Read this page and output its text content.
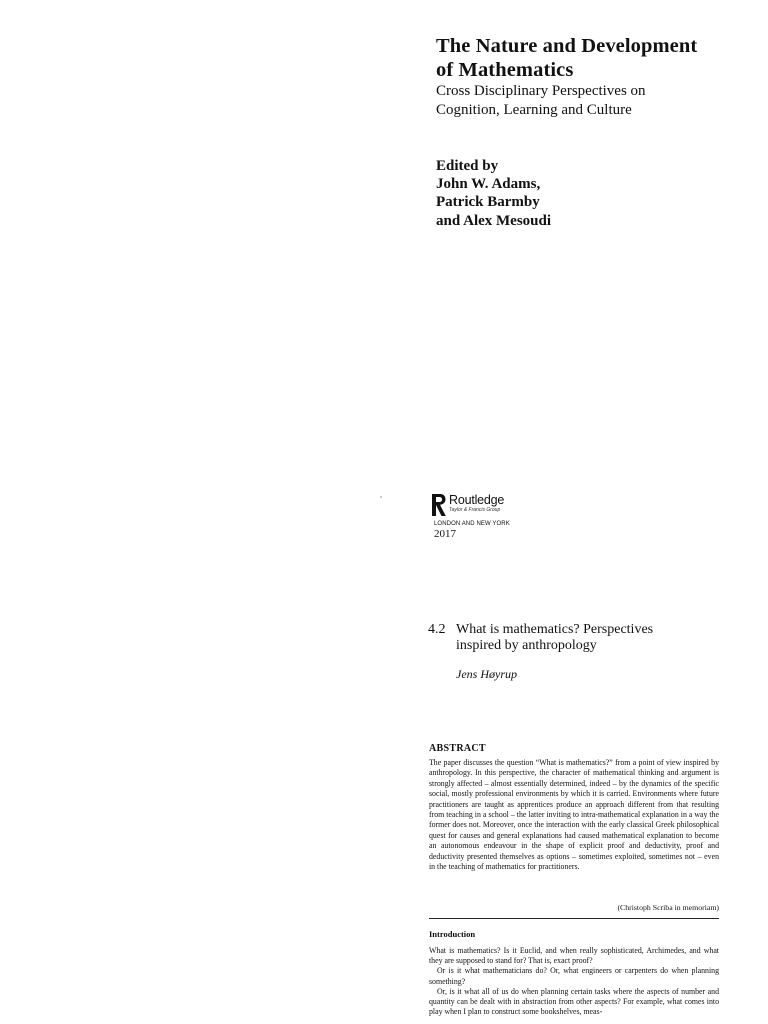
The Nature and Development
of Mathematics

Cross Disciplinary Perspectives on
Cognition, Learning and Culture

Edited by
John W. Adams,
Patrick Barmby
and Alex Mesoudi
Routledge
Taylor & Francis Group
LONDON AND NEW YORK
2017
4.2 What is mathematics? Perspectives inspired by anthropology
Jens Høyrup
ABSTRACT

The paper discusses the question “What is mathematics?” from a point of view inspired by anthropology. In this perspective, the character of mathematical thinking and argument is strongly affected – almost essentially determined, indeed – by the dynamics of the specific social, mostly professional environments by which it is carried. Environments where future practitioners are taught as apprentices produce an approach different from that resulting from teaching in a school – the latter inviting to intra-mathematical explanation in a way the former does not. Moreover, once the interaction with the early classical Greek philosophical quest for causes and general explanations had caused mathematical explanation to become an autonomous endeavour in the shape of explicit proof and deductivity, proof and deductivity presented themselves as options – sometimes exploited, sometimes not – even in the teaching of mathematics for practitioners.

(Christoph Scriba in memoriam)
Introduction

What is mathematics? Is it Euclid, and when really sophisticated, Archimedes, and what they are supposed to stand for? That is, exact proof?

Or is it what mathematicians do? Or, what engineers or carpenters do when planning something?

Or, is it what all of us do when planning certain tasks where the aspects of number and quantity can be dealt with in abstraction from other aspects? For example, what comes into play when I plan to construct some bookshelves, meas-
